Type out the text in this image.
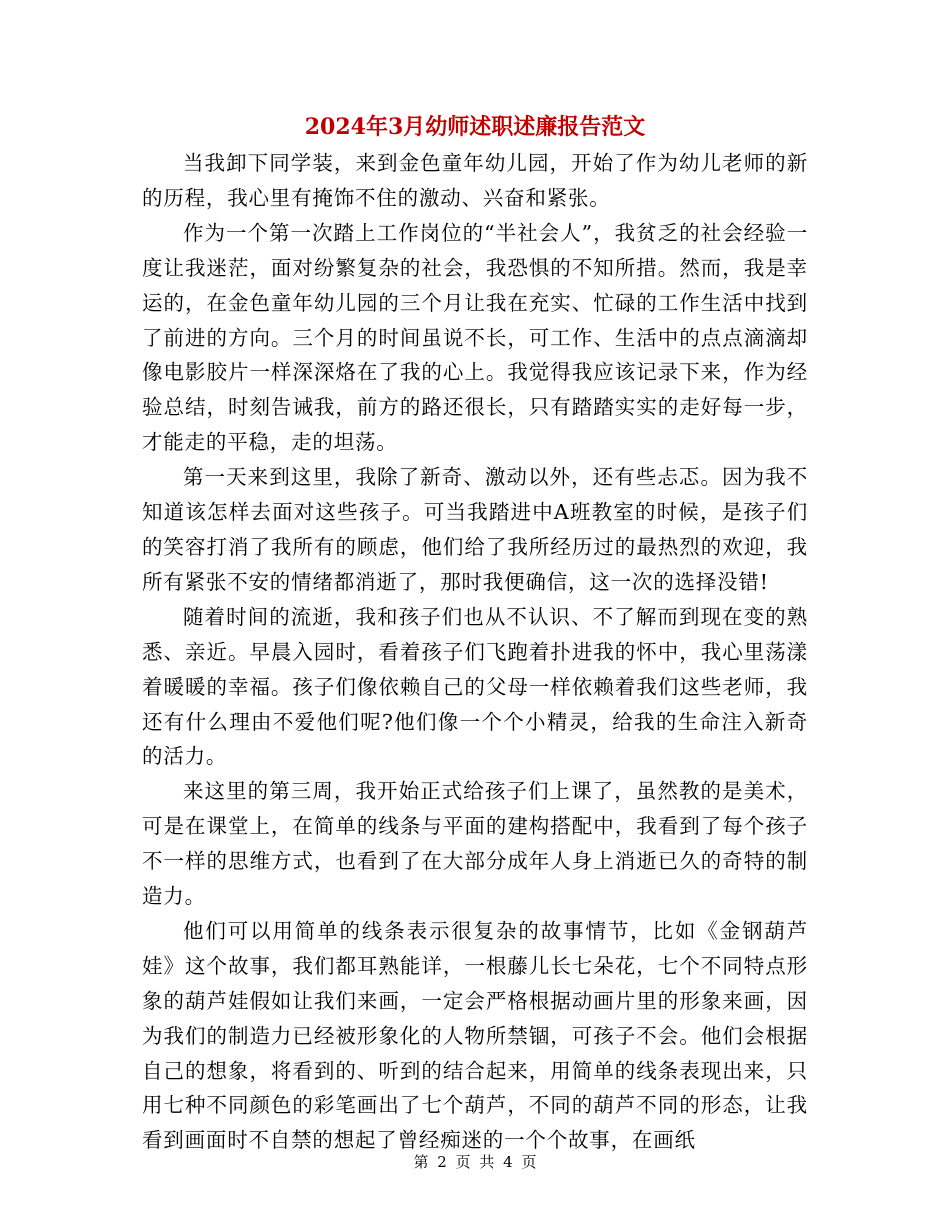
2024年3月幼师述职述廉报告范文

当我卸下同学装，来到金色童年幼儿园，开始了作为幼儿老师的新的历程，我心里有掩饰不住的激动、兴奋和紧张。

作为一个第一次踏上工作岗位的“半社会人”，我贫乏的社会经验一度让我迷茫，面对纷繁复杂的社会，我恐惧的不知所措。然而，我是幸运的，在金色童年幼儿园的三个月让我在充实、忙碌的工作生活中找到了前进的方向。三个月的时间虽说不长，可工作、生活中的点点滴滴却像电影胶片一样深深烙在了我的心上。我觉得我应该记录下来，作为经验总结，时刻告诫我，前方的路还很长，只有踏踏实实的走好每一步，才能走的平稳，走的坦荡。

第一天来到这里，我除了新奇、激动以外，还有些忐忑。因为我不知道该怎样去面对这些孩子。可当我踏进中A班教室的时候，是孩子们的笑容打消了我所有的顾虑，他们给了我所经历过的最热烈的欢迎，我所有紧张不安的情绪都消逝了，那时我便确信，这一次的选择没错!

随着时间的流逝，我和孩子们也从不认识、不了解而到现在变的熟悉、亲近。早晨入园时，看着孩子们飞跑着扑进我的怀中，我心里荡漾着暖暖的幸福。孩子们像依赖自己的父母一样依赖着我们这些老师，我还有什么理由不爱他们呢?他们像一个个小精灵，给我的生命注入新奇的活力。

来这里的第三周，我开始正式给孩子们上课了，虽然教的是美术，可是在课堂上，在简单的线条与平面的建构搭配中，我看到了每个孩子不一样的思维方式，也看到了在大部分成年人身上消逝已久的奇特的制造力。

他们可以用简单的线条表示很复杂的故事情节，比如《金钢葫芦娃》这个故事，我们都耳熟能详，一根藤儿长七朵花，七个不同特点形象的葫芦娃假如让我们来画，一定会严格根据动画片里的形象来画，因为我们的制造力已经被形象化的人物所禁锢，可孩子不会。他们会根据自己的想象，将看到的、听到的结合起来，用简单的线条表现出来，只用七种不同颜色的彩笔画出了七个葫芦，不同的葫芦不同的形态，让我看到画面时不自禁的想起了曾经痴迷的一个个故事，在画纸

第 2 页 共 4 页
